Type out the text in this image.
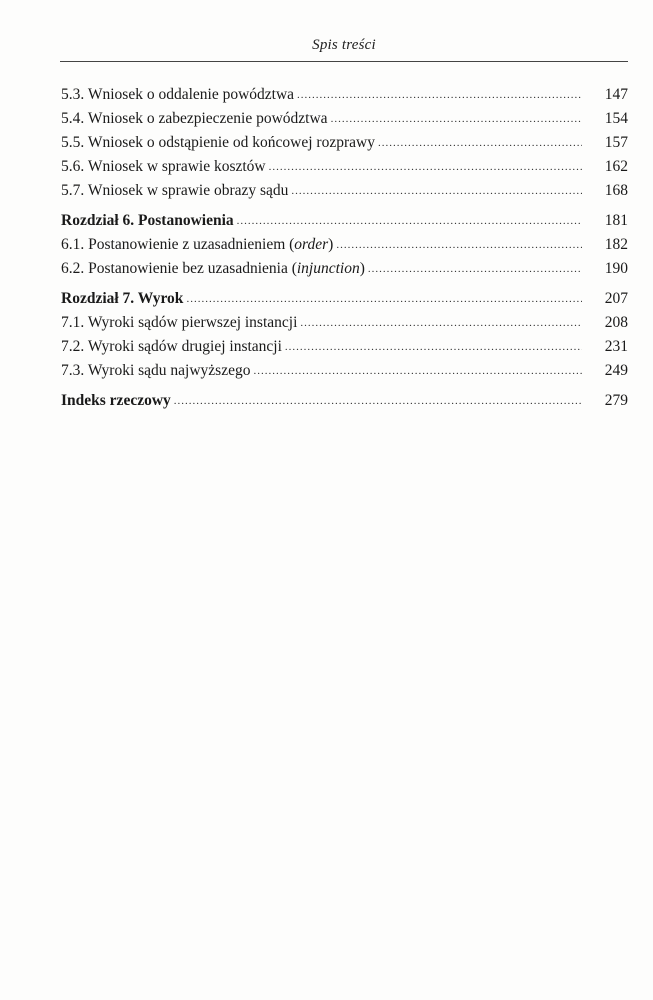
Spis treści
5.3. Wniosek o oddalenie powództwa .....	147
5.4. Wniosek o zabezpieczenie powództwa .....	154
5.5. Wniosek o odstąpienie od końcowej rozprawy .....	157
5.6. Wniosek w sprawie kosztów .....	162
5.7. Wniosek w sprawie obrazy sądu .....	168
Rozdział 6. Postanowienia .....	181
6.1. Postanowienie z uzasadnieniem (order) .....	182
6.2. Postanowienie bez uzasadnienia (injunction) .....	190
Rozdział 7. Wyrok .....	207
7.1. Wyroki sądów pierwszej instancji .....	208
7.2. Wyroki sądów drugiej instancji .....	231
7.3. Wyroki sądu najwyższego .....	249
Indeks rzeczowy .....	279
